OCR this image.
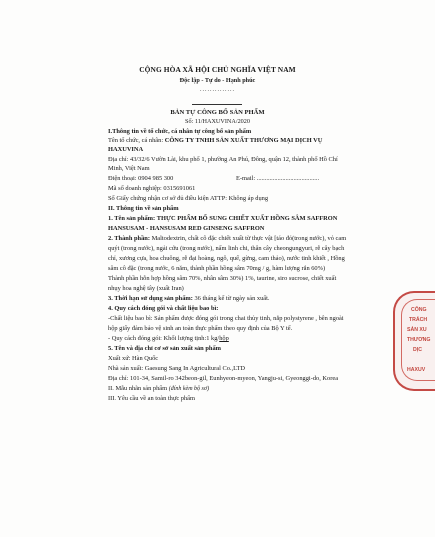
CỘNG HÒA XÃ HỘI CHỦ NGHĨA VIỆT NAM
Độc lập - Tự do - Hạnh phúc
..............
BẢN TỰ CÔNG BỐ SẢN PHẨM
Số: 11/HAXUVINA/2020
I.Thông tin về tổ chức, cá nhân tự công bố sản phẩm
Tên tổ chức, cá nhân: CÔNG TY TNHH SẢN XUẤT THƯƠNG MẠI DỊCH VỤ
HAXUVINA
Địa chỉ: 43/32/6 Vườn Lài, khu phố 1, phường An Phú, Đông, quận 12, thành phố Hồ Chí
Minh, Việt Nam
Điện thoại: 0904 985 300	E-mail: .......................................
Mã số doanh nghiệp: 0315691061
Số Giấy chứng nhận cơ sở đủ điều kiện ATTP: Không áp dụng
II. Thông tin về sản phẩm
1. Tên sản phẩm: THỰC PHẨM BỔ SUNG CHIẾT XUẤT HỒNG SÂM SAFFRON
HANSUSAM - HANSUSAM RED GINSENG SAFFRON
2. Thành phần: Maltodextrin, chất cô đặc chiết xuất từ thực vật [táo đỏ(trong nước), vỏ cam
quýt (trong nước), ngải cứu (trong nước), nấm linh chi, thân cây cheongungyuri, rễ cây bạch
chỉ, xương cựa, hoa chuông, rễ đại hoàng, ngô, quế, gừng, cam thảo), nước tinh khiết , Hồng
sâm cô đặc (trong nước, 6 năm, thành phần hồng sâm 70mg / g, hàm lượng rắn 60%)
Thành phần hỗn hợp hồng sâm 70%, nhân sâm 30%) 1%, taurine, siro sucrose, chiết xuất
nhụy hoa nghệ tây (xuất Iran)
3. Thời hạn sử dụng sản phẩm: 36 tháng kể từ ngày sản xuất.
4. Quy cách đóng gói và chất liệu bao bì:
-Chất liệu bao bì: Sản phẩm được đóng gói trong chai thủy tinh, nắp polystyrene , bên ngoài
hộp giấy đảm bảo vệ sinh an toàn thực phẩm theo quy định của Bộ Y tế.
- Quy cách đóng gói: Khối lượng tịnh:1 kg/hộp
5. Tên và địa chỉ cơ sở sản xuất sản phẩm
Xuất xứ: Hàn Quốc
Nhà sản xuất: Gaesung Sang In Agricultural Co.,LTD
Địa chỉ: 101-34, Samil-ro 342beon-gil, Eunhyeon-myeon, Yangju-si, Gyeonggi-do, Korea
II. Mẫu nhãn sản phẩm (đính kèm bộ sơ)
III. Yêu cầu về an toàn thực phẩm
CÔNG
TRÁCH
SẢN XU
THƯƠNG
DỊC
HAXUV
